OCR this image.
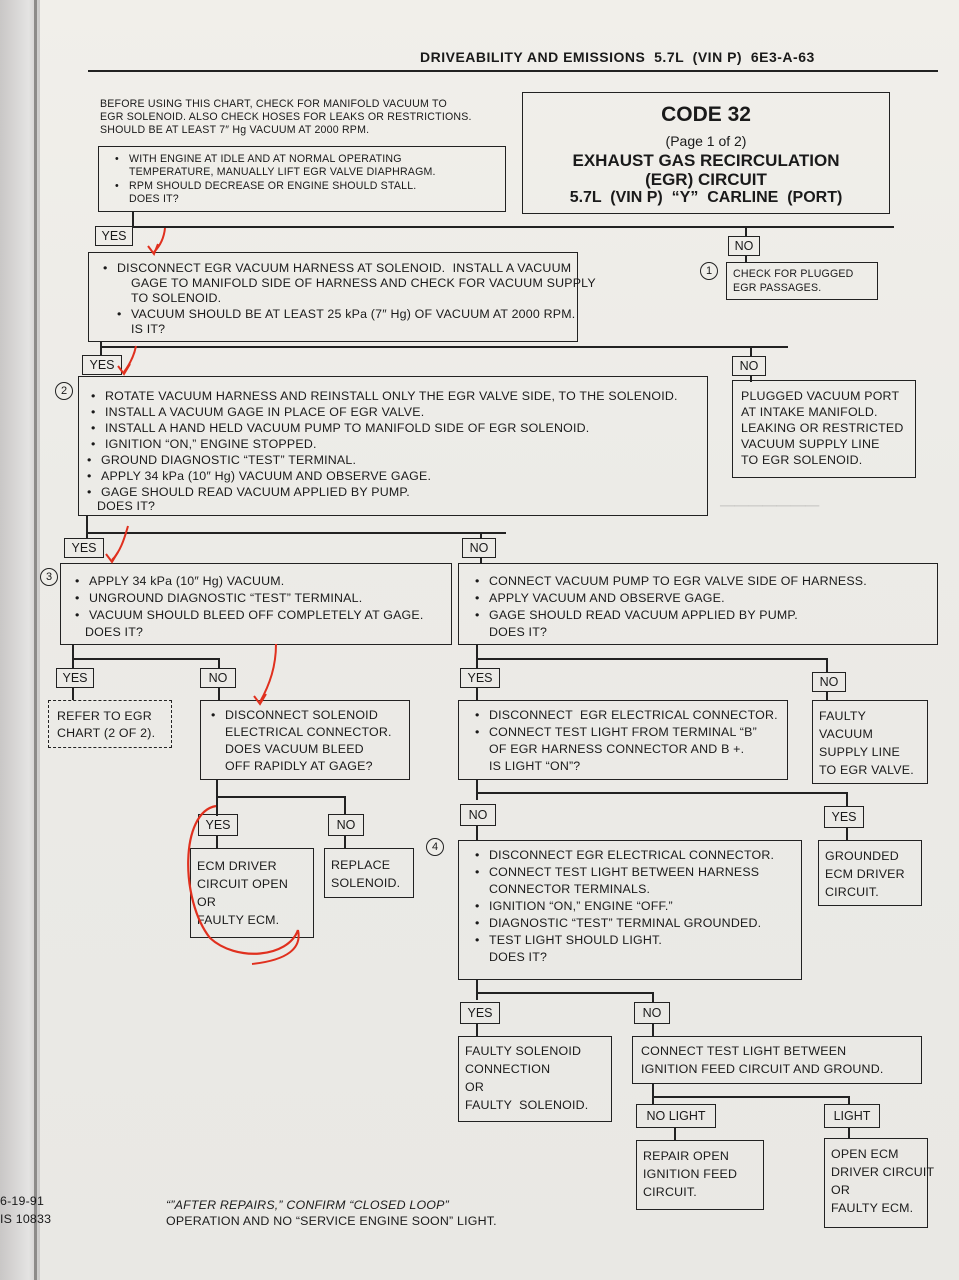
───────
DRIVEABILITY AND EMISSIONS  5.7L  (VIN P)  6E3-A-63
BEFORE USING THIS CHART, CHECK FOR MANIFOLD VACUUM TO
EGR SOLENOID. ALSO CHECK HOSES FOR LEAKS OR RESTRICTIONS.
SHOULD BE AT LEAST 7″ Hg VACUUM AT 2000 RPM.
CODE 32
(Page 1 of 2)
EXHAUST GAS RECIRCULATION
(EGR) CIRCUIT
5.7L  (VIN P)  “Y”  CARLINE  (PORT)
• WITH ENGINE AT IDLE AND AT NORMAL OPERATING
TEMPERATURE, MANUALLY LIFT EGR VALVE DIAPHRAGM.
• RPM SHOULD DECREASE OR ENGINE SHOULD STALL.
DOES IT?
YES
NO
• DISCONNECT EGR VACUUM HARNESS AT SOLENOID.  INSTALL A VACUUM
GAGE TO MANIFOLD SIDE OF HARNESS AND CHECK FOR VACUUM SUPPLY
TO SOLENOID.
• VACUUM SHOULD BE AT LEAST 25 kPa (7″ Hg) OF VACUUM AT 2000 RPM.
IS IT?
1	CHECK FOR PLUGGED
EGR PASSAGES.
YES	NO
2	• ROTATE VACUUM HARNESS AND REINSTALL ONLY THE EGR VALVE SIDE, TO THE SOLENOID.
• INSTALL A VACUUM GAGE IN PLACE OF EGR VALVE.
• INSTALL A HAND HELD VACUUM PUMP TO MANIFOLD SIDE OF EGR SOLENOID.
• IGNITION “ON,” ENGINE STOPPED.
• GROUND DIAGNOSTIC “TEST” TERMINAL.
• APPLY 34 kPa (10″ Hg) VACUUM AND OBSERVE GAGE.
• GAGE SHOULD READ VACUUM APPLIED BY PUMP.
DOES IT?
PLUGGED VACUUM PORT
AT INTAKE MANIFOLD.
LEAKING OR RESTRICTED
VACUUM SUPPLY LINE
TO EGR SOLENOID.
YES	NO
3	• APPLY 34 kPa (10″ Hg) VACUUM.
• UNGROUND DIAGNOSTIC “TEST” TERMINAL.
• VACUUM SHOULD BLEED OFF COMPLETELY AT GAGE.
DOES IT?
• CONNECT VACUUM PUMP TO EGR VALVE SIDE OF HARNESS.
• APPLY VACUUM AND OBSERVE GAGE.
• GAGE SHOULD READ VACUUM APPLIED BY PUMP.
DOES IT?
YES	NO	YES	NO
REFER TO EGR
CHART (2 OF 2).
• DISCONNECT SOLENOID
ELECTRICAL CONNECTOR.
DOES VACUUM BLEED
OFF RAPIDLY AT GAGE?
• DISCONNECT  EGR ELECTRICAL CONNECTOR.
• CONNECT TEST LIGHT FROM TERMINAL “B”
OF EGR HARNESS CONNECTOR AND B +.
IS LIGHT “ON”?
FAULTY
VACUUM
SUPPLY LINE
TO EGR VALVE.
YES	NO
ECM DRIVER
CIRCUIT OPEN
OR
FAULTY ECM.
REPLACE
SOLENOID.
NO	YES
4
• DISCONNECT EGR ELECTRICAL CONNECTOR.
• CONNECT TEST LIGHT BETWEEN HARNESS
CONNECTOR TERMINALS.
• IGNITION “ON,” ENGINE “OFF.”
• DIAGNOSTIC “TEST” TERMINAL GROUNDED.
• TEST LIGHT SHOULD LIGHT.
DOES IT?
GROUNDED
ECM DRIVER
CIRCUIT.
YES	NO
FAULTY SOLENOID
CONNECTION
OR
FAULTY  SOLENOID.
CONNECT TEST LIGHT BETWEEN
IGNITION FEED CIRCUIT AND GROUND.
NO LIGHT	LIGHT
REPAIR OPEN
IGNITION FEED
CIRCUIT.
OPEN ECM
DRIVER CIRCUIT
OR
FAULTY ECM.
6-19-91
IS 10833
“”AFTER REPAIRS,” CONFIRM “CLOSED LOOP”
OPERATION AND NO “SERVICE ENGINE SOON” LIGHT.
